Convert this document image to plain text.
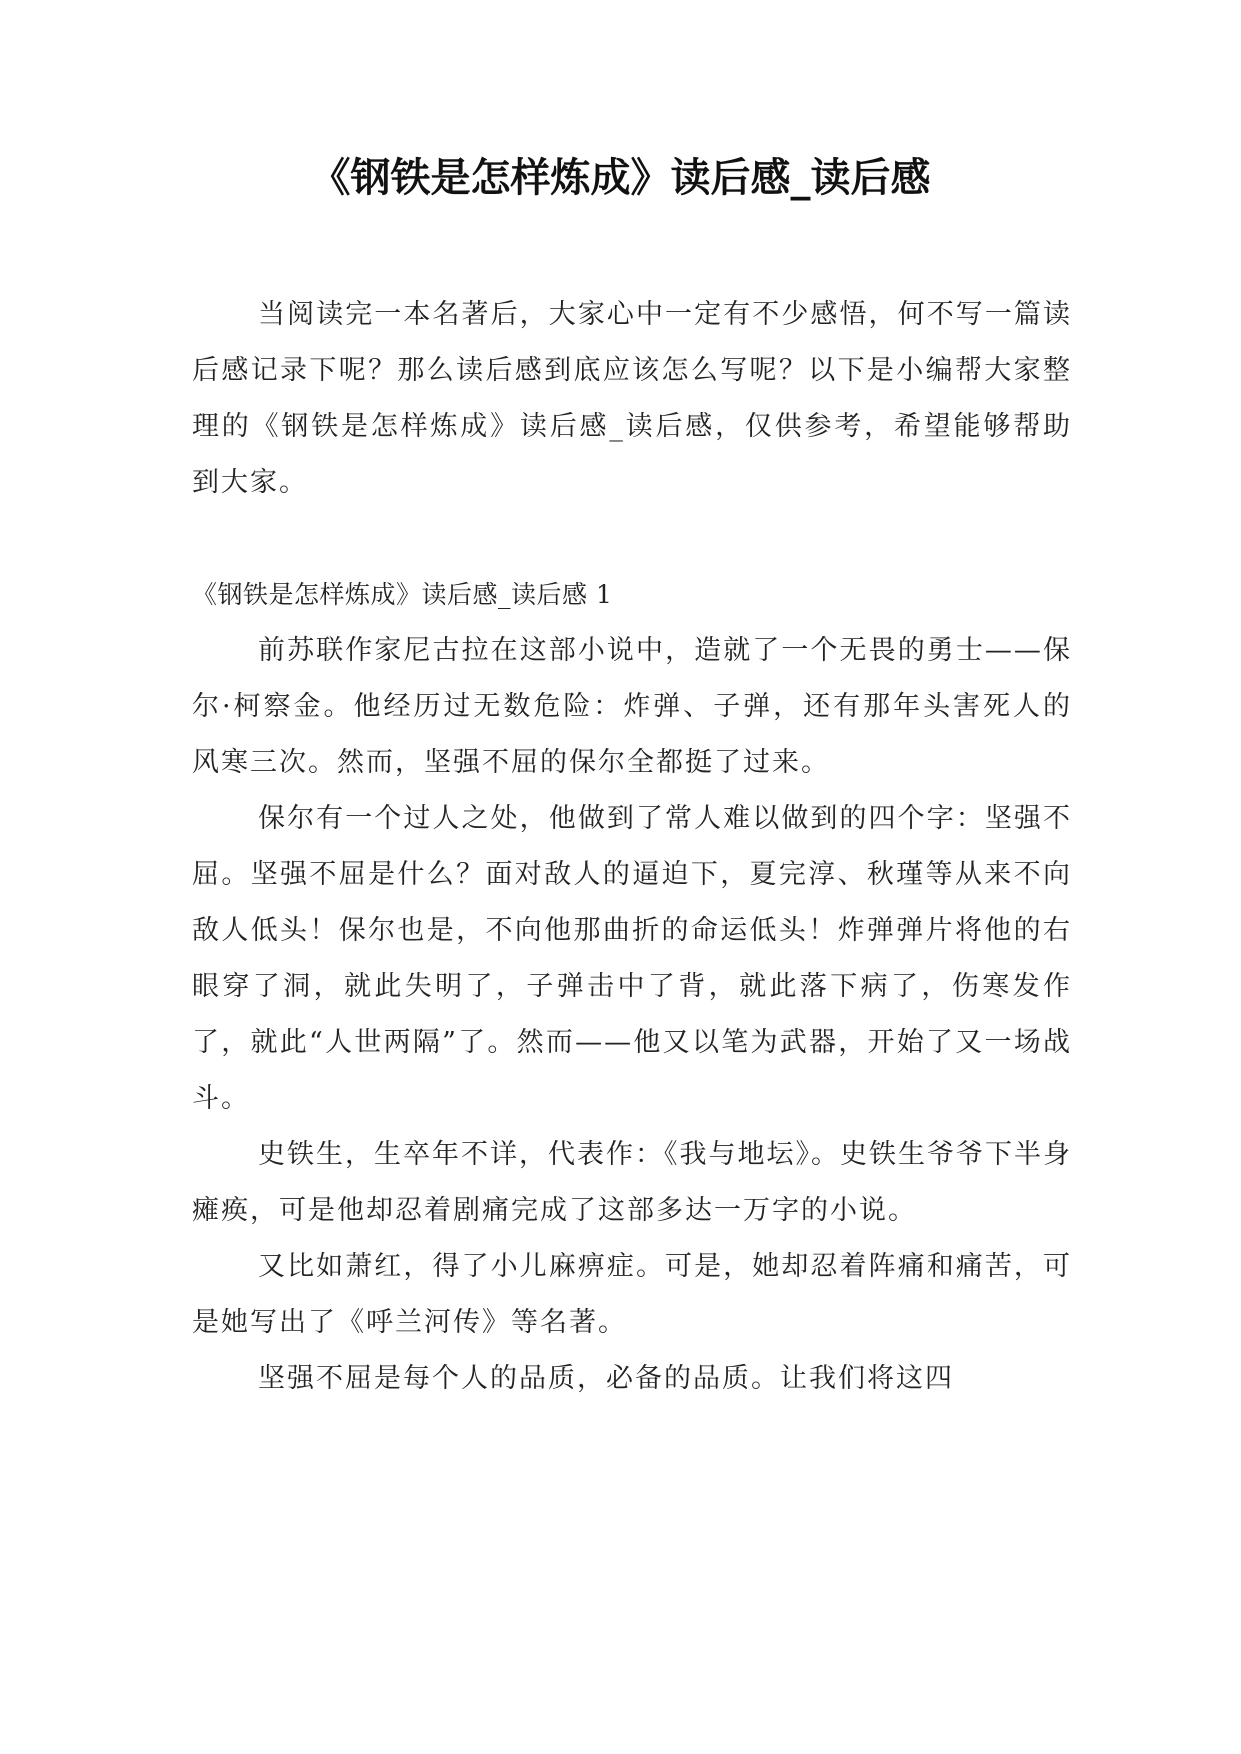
《钢铁是怎样炼成》读后感_读后感

当阅读完一本名著后，大家心中一定有不少感悟，何不写一篇读后感记录下呢？那么读后感到底应该怎么写呢？以下是小编帮大家整理的《钢铁是怎样炼成》读后感_读后感，仅供参考，希望能够帮助到大家。

《钢铁是怎样炼成》读后感_读后感 1

前苏联作家尼古拉在这部小说中，造就了一个无畏的勇士——保尔·柯察金。他经历过无数危险：炸弹、子弹，还有那年头害死人的风寒三次。然而，坚强不屈的保尔全都挺了过来。

保尔有一个过人之处，他做到了常人难以做到的四个字：坚强不屈。坚强不屈是什么？面对敌人的逼迫下，夏完淳、秋瑾等从来不向敌人低头！保尔也是，不向他那曲折的命运低头！炸弹弹片将他的右眼穿了洞，就此失明了，子弹击中了背，就此落下病了，伤寒发作了，就此“人世两隔”了。然而——他又以笔为武器，开始了又一场战斗。

史铁生，生卒年不详，代表作：《我与地坛》。史铁生爷爷下半身瘫痪，可是他却忍着剧痛完成了这部多达一万字的小说。

又比如萧红，得了小儿麻痹症。可是，她却忍着阵痛和痛苦，可是她写出了《呼兰河传》等名著。

坚强不屈是每个人的品质，必备的品质。让我们将这四
